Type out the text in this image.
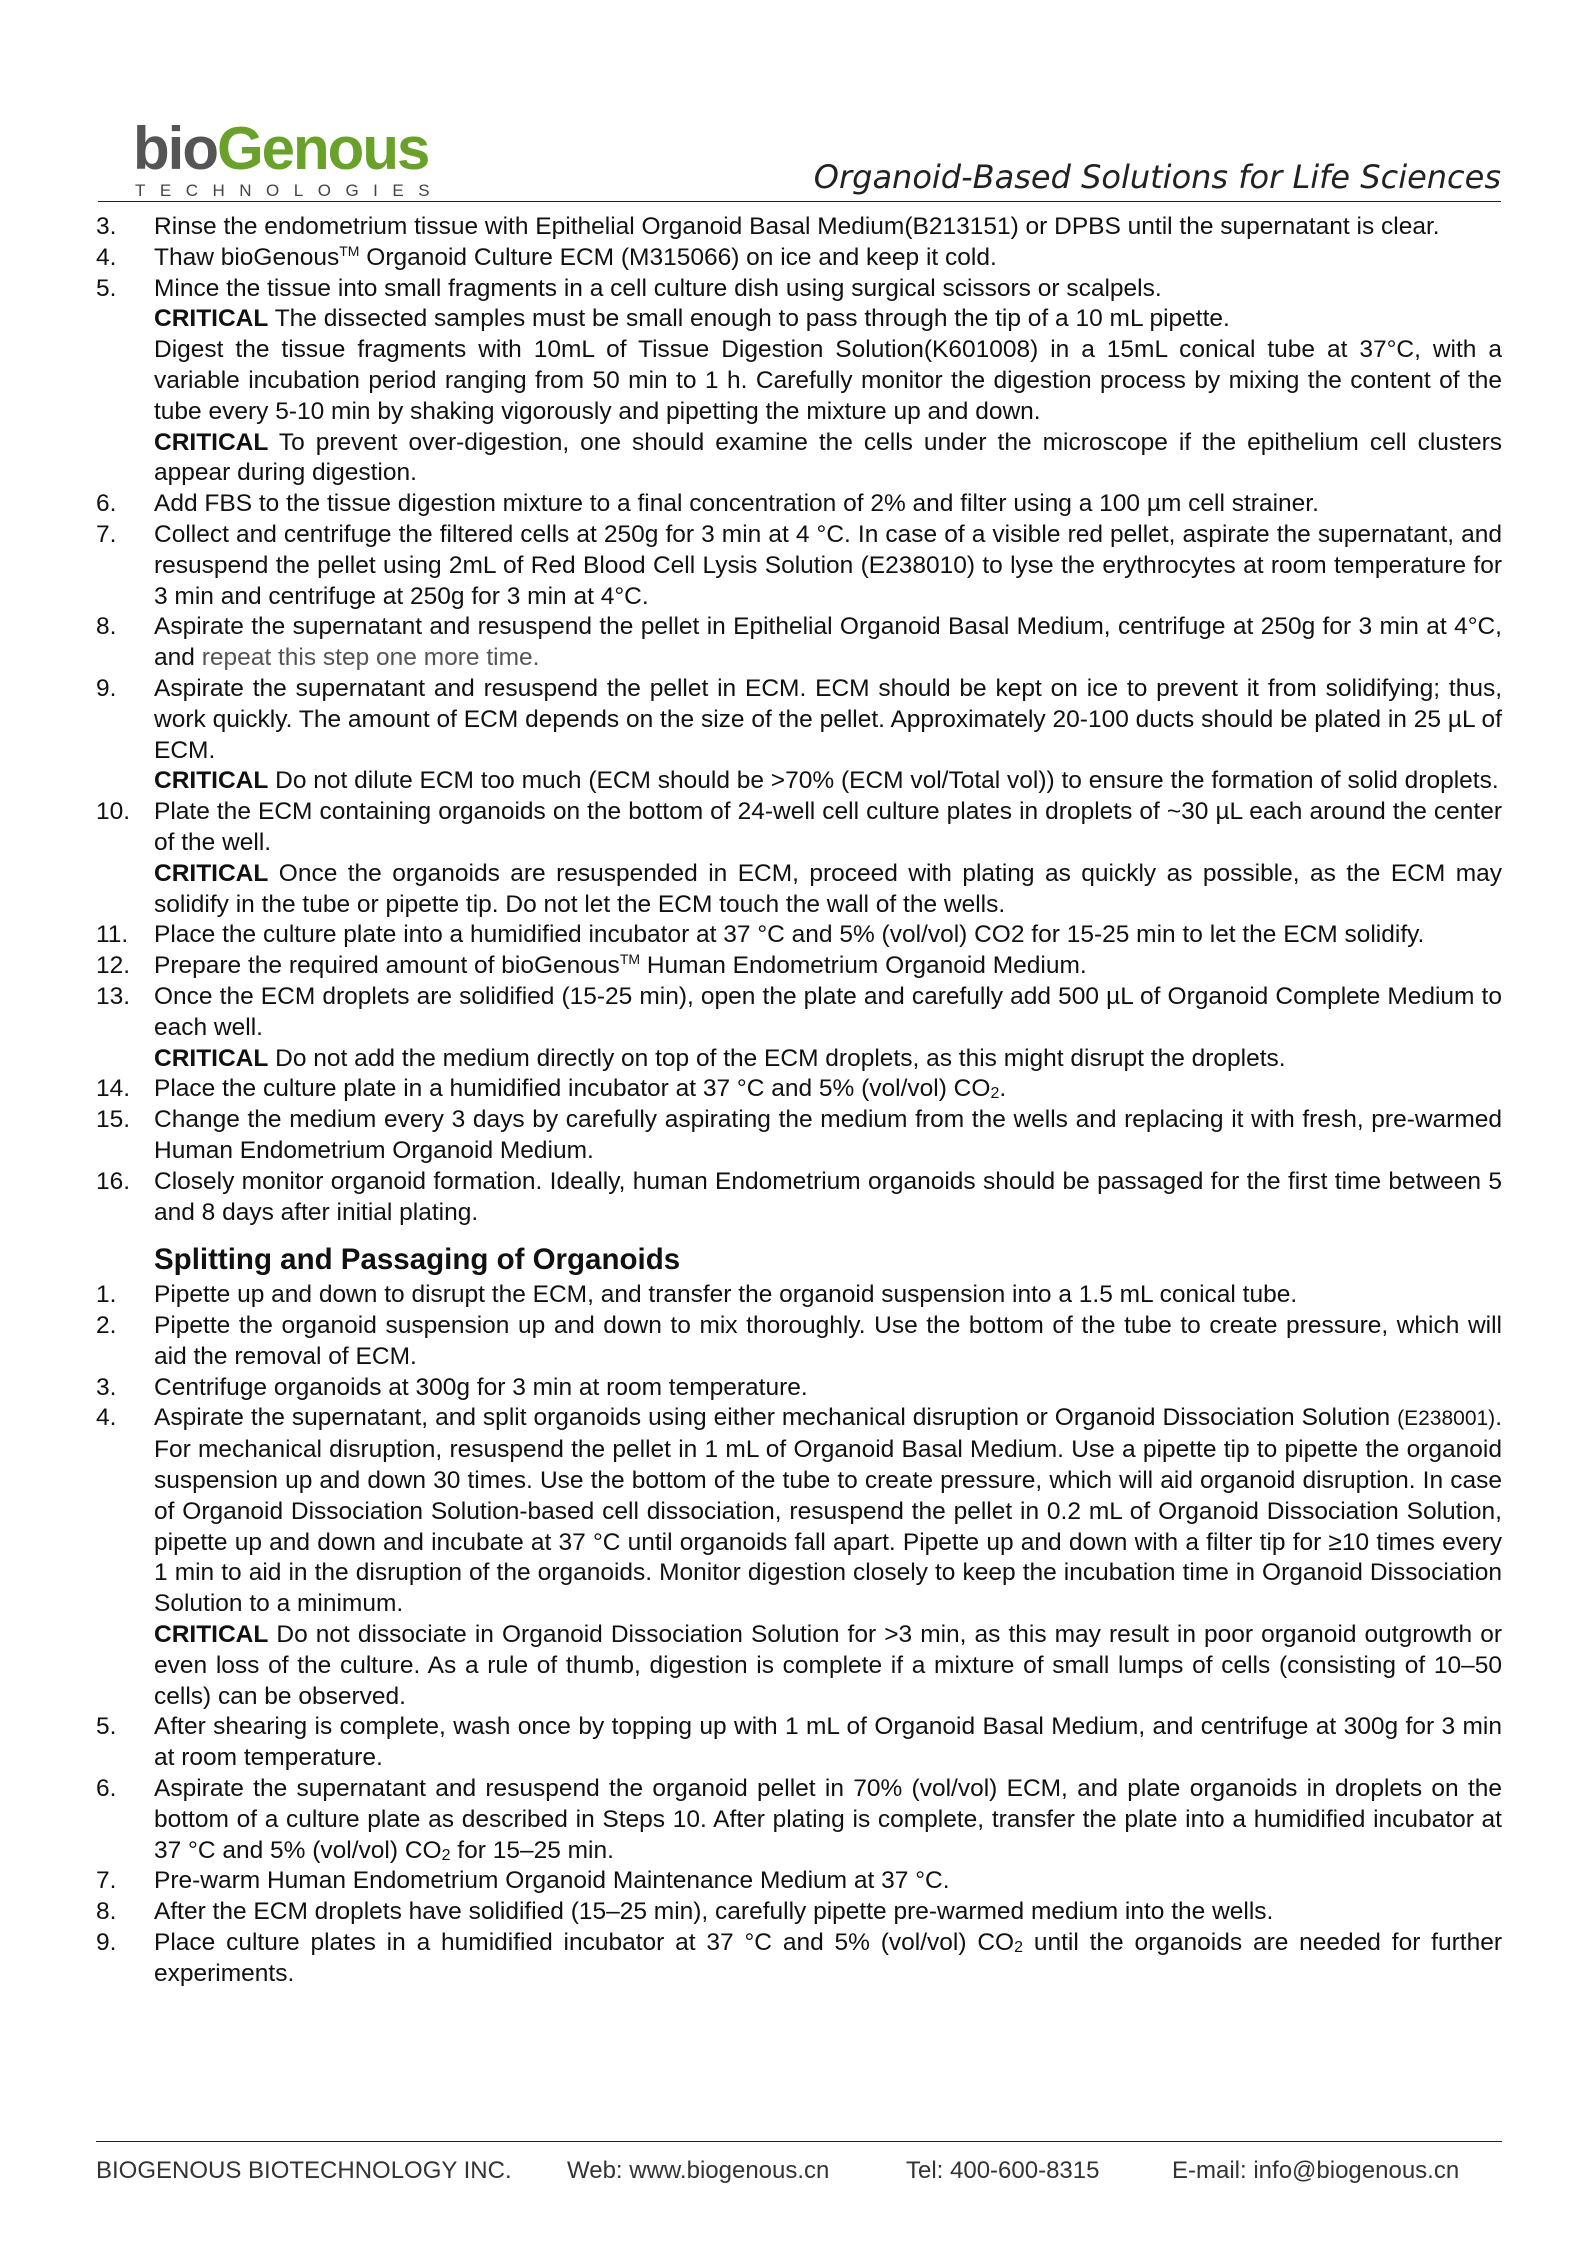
bioGenous
TECHNOLOGIES	Organoid-Based Solutions for Life Sciences
3.	Rinse the endometrium tissue with Epithelial Organoid Basal Medium(B213151) or DPBS until the supernatant is clear.
4.	Thaw bioGenous™ Organoid Culture ECM (M315066) on ice and keep it cold.
5.	Mince the tissue into small fragments in a cell culture dish using surgical scissors or scalpels.

CRITICAL The dissected samples must be small enough to pass through the tip of a 10 mL pipette.

Digest the tissue fragments with 10mL of Tissue Digestion Solution(K601008) in a 15mL conical tube at 37°C, with a variable incubation period ranging from 50 min to 1 h. Carefully monitor the digestion process by mixing the content of the tube every 5-10 min by shaking vigorously and pipetting the mixture up and down.

CRITICAL To prevent over-digestion, one should examine the cells under the microscope if the epithelium cell clusters appear during digestion.

6.	Add FBS to the tissue digestion mixture to a final concentration of 2% and filter using a 100 µm cell strainer.
7.	Collect and centrifuge the filtered cells at 250g for 3 min at 4 °C. In case of a visible red pellet, aspirate the supernatant, and resuspend the pellet using 2mL of Red Blood Cell Lysis Solution (E238010) to lyse the erythrocytes at room temperature for 3 min and centrifuge at 250g for 3 min at 4°C.
8.	Aspirate the supernatant and resuspend the pellet in Epithelial Organoid Basal Medium, centrifuge at 250g for 3 min at 4°C, and repeat this step one more time.
9.	Aspirate the supernatant and resuspend the pellet in ECM. ECM should be kept on ice to prevent it from solidifying; thus, work quickly. The amount of ECM depends on the size of the pellet. Approximately 20-100 ducts should be plated in 25 µL of ECM.

CRITICAL Do not dilute ECM too much (ECM should be >70% (ECM vol/Total vol)) to ensure the formation of solid droplets.

10. Plate the ECM containing organoids on the bottom of 24-well cell culture plates in droplets of ~30 µL each around the center of the well.

CRITICAL Once the organoids are resuspended in ECM, proceed with plating as quickly as possible, as the ECM may solidify in the tube or pipette tip. Do not let the ECM touch the wall of the wells.

11.	Place the culture plate into a humidified incubator at 37 °C and 5% (vol/vol) CO2 for 15-25 min to let the ECM solidify.
12. Prepare the required amount of bioGenous™ Human Endometrium Organoid Medium.
13. Once the ECM droplets are solidified (15-25 min), open the plate and carefully add 500 µL of Organoid Complete Medium to each well.

CRITICAL Do not add the medium directly on top of the ECM droplets, as this might disrupt the droplets.

14. Place the culture plate in a humidified incubator at 37 °C and 5% (vol/vol) $CO_2$.
15. Change the medium every 3 days by carefully aspirating the medium from the wells and replacing it with fresh, pre-warmed Human Endometrium Organoid Medium.
16. Closely monitor organoid formation. Ideally, human Endometrium organoids should be passaged for the first time between 5 and 8 days after initial plating.
Splitting and Passaging of Organoids
1.	Pipette up and down to disrupt the ECM, and transfer the organoid suspension into a 1.5 mL conical tube.
2.	Pipette the organoid suspension up and down to mix thoroughly. Use the bottom of the tube to create pressure, which will aid the removal of ECM.
3.	Centrifuge organoids at 300g for 3 min at room temperature.
4.	Aspirate the supernatant, and split organoids using either mechanical disruption or Organoid Dissociation Solution (E238001). For mechanical disruption, resuspend the pellet in 1 mL of Organoid Basal Medium. Use a pipette tip to pipette the organoid suspension up and down 30 times. Use the bottom of the tube to create pressure, which will aid organoid disruption. In case of Organoid Dissociation Solution-based cell dissociation, resuspend the pellet in 0.2 mL of Organoid Dissociation Solution, pipette up and down and incubate at 37 °C until organoids fall apart. Pipette up and down with a filter tip for ≥10 times every 1 min to aid in the disruption of the organoids. Monitor digestion closely to keep the incubation time in Organoid Dissociation Solution to a minimum.

CRITICAL Do not dissociate in Organoid Dissociation Solution for >3 min, as this may result in poor organoid outgrowth or even loss of the culture. As a rule of thumb, digestion is complete if a mixture of small lumps of cells (consisting of 10–50 cells) can be observed.

5.	After shearing is complete, wash once by topping up with 1 mL of Organoid Basal Medium, and centrifuge at 300g for 3 min at room temperature.
6.	Aspirate the supernatant and resuspend the organoid pellet in 70% (vol/vol) ECM, and plate organoids in droplets on the bottom of a culture plate as described in Steps 10. After plating is complete, transfer the plate into a humidified incubator at 37 °C and 5% (vol/vol) $CO_2$ for 15–25 min.
7.	Pre-warm Human Endometrium Organoid Maintenance Medium at 37 °C.
8.	After the ECM droplets have solidified (15–25 min), carefully pipette pre-warmed medium into the wells.
9.	Place culture plates in a humidified incubator at 37 °C and 5% (vol/vol) $CO_2$ until the organoids are needed for further experiments.
BIOGENOUS BIOTECHNOLOGY INC. Web: www.biogenous.cn	Tel: 400-600-8315	E-mail: info@biogenous.cn
